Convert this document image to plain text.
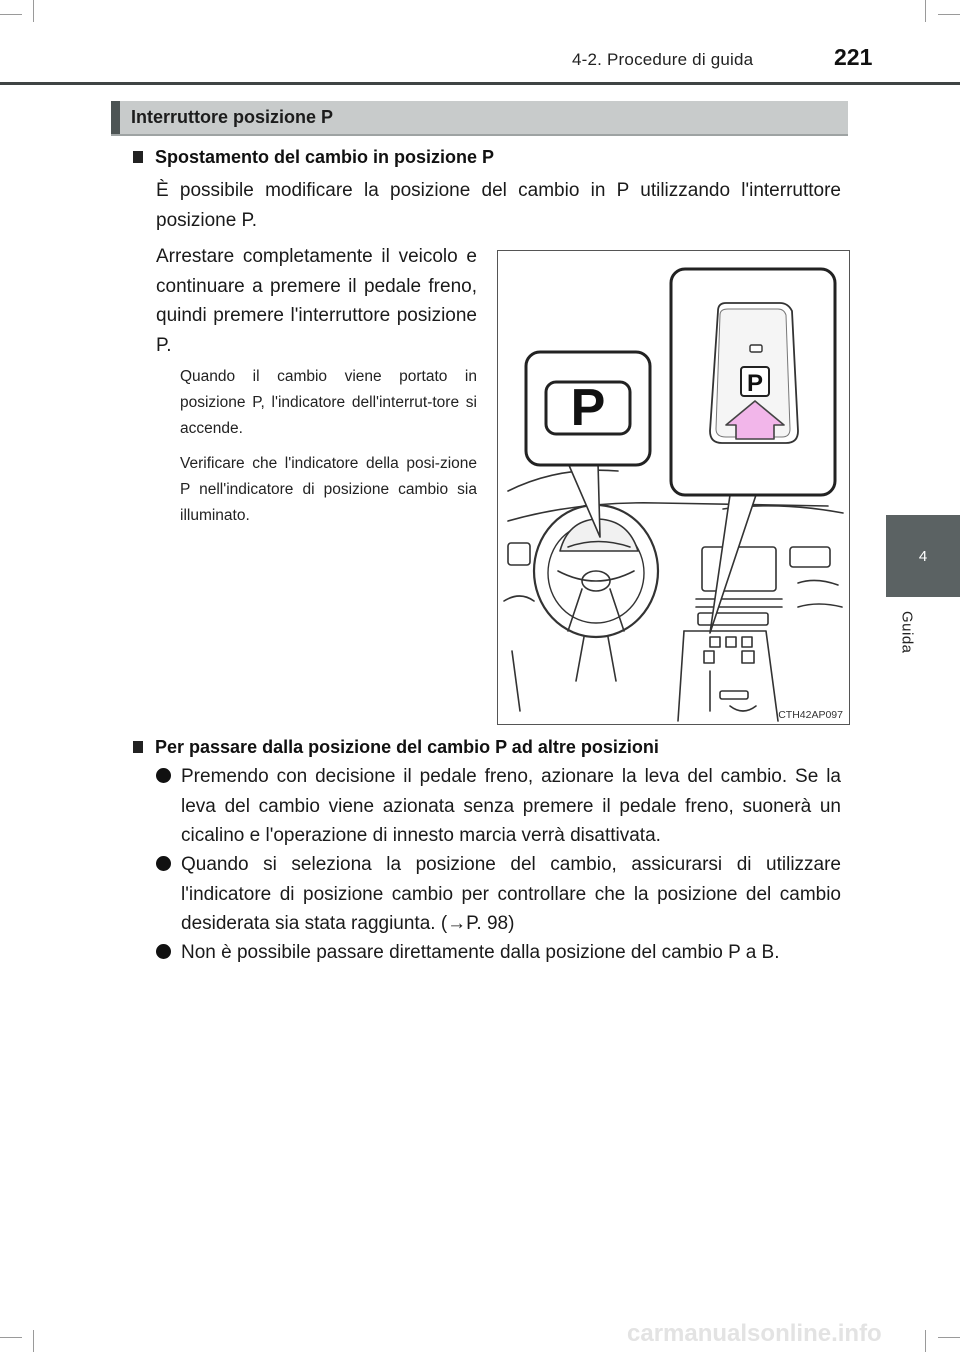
4-2. Procedure di guida	221
4
Guida
Interruttore posizione P
Spostamento del cambio in posizione P
È possibile modificare la posizione del cambio in P utilizzando l'interruttore posizione P.
Arrestare completamente il veicolo e continuare a premere il pedale freno, quindi premere l'interruttore posizione P.
Quando il cambio viene portato in posizione P, l'indicatore dell'interrut-tore si accende.
Verificare che l'indicatore della posi-zione P nell'indicatore di posizione cambio sia illuminato.
P	P
CTH42AP097
Per passare dalla posizione del cambio P ad altre posizioni
Premendo con decisione il pedale freno, azionare la leva del cambio. Se la leva del cambio viene azionata senza premere il pedale freno, suonerà un cicalino e l'operazione di innesto marcia verrà disattivata.
Quando si seleziona la posizione del cambio, assicurarsi di utilizzare l'indicatore di posizione cambio per controllare che la posizione del cambio desiderata sia stata raggiunta. (→P. 98)
Non è possibile passare direttamente dalla posizione del cambio P a B.
carmanualsonline.info
